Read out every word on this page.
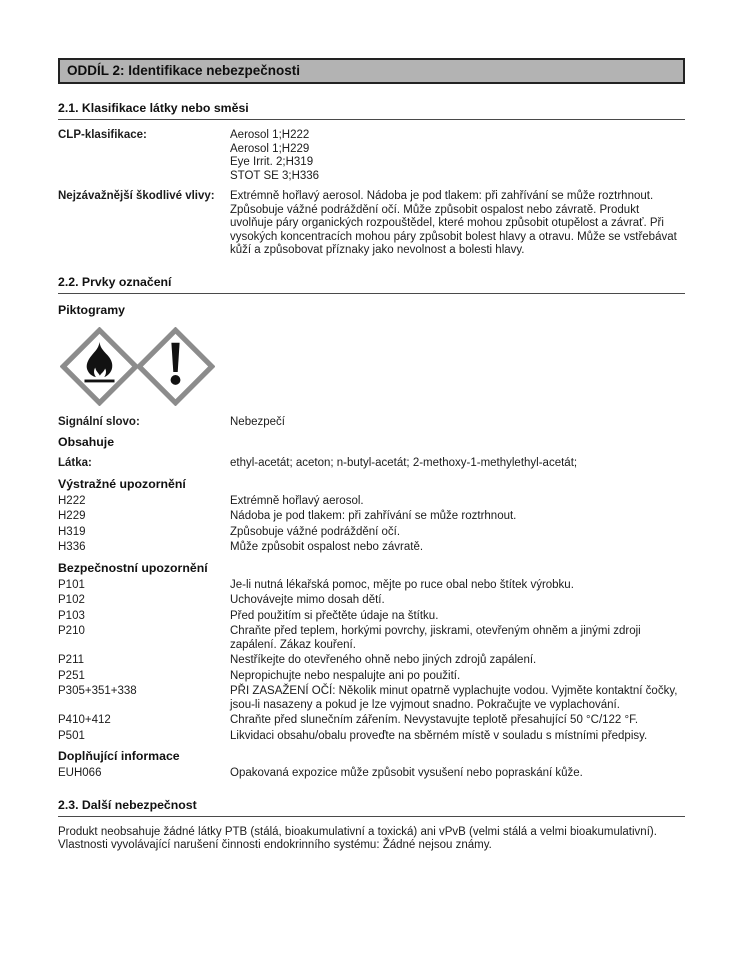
ODDÍL 2: Identifikace nebezpečnosti
2.1. Klasifikace látky nebo směsi
CLP-klasifikace:	Aerosol 1;H222
Aerosol 1;H229
Eye Irrit. 2;H319
STOT SE 3;H336
Nejzávažnější škodlivé vlivy:	Extrémně hořlavý aerosol. Nádoba je pod tlakem: při zahřívání se může roztrhnout. Způsobuje vážné podráždění očí. Může způsobit ospalost nebo závratě. Produkt uvolňuje páry organických rozpouštědel, které mohou způsobit otupělost a závrať. Při vysokých koncentracích mohou páry způsobit bolest hlavy a otravu. Může se vstřebávat kůží a způsobovat příznaky jako nevolnost a bolesti hlavy.
2.2. Prvky označení
Piktogramy
Signální slovo:	Nebezpečí
Obsahuje
Látka:	ethyl-acetát; aceton; n-butyl-acetát; 2-methoxy-1-methylethyl-acetát;
Výstražné upozornění
H222	Extrémně hořlavý aerosol.
H229	Nádoba je pod tlakem: při zahřívání se může roztrhnout.
H319	Způsobuje vážné podráždění očí.
H336	Může způsobit ospalost nebo závratě.
Bezpečnostní upozornění
P101	Je-li nutná lékařská pomoc, mějte po ruce obal nebo štítek výrobku.
P102	Uchovávejte mimo dosah dětí.
P103	Před použitím si přečtěte údaje na štítku.
P210	Chraňte před teplem, horkými povrchy, jiskrami, otevřeným ohněm a jinými zdroji zapálení. Zákaz kouření.
P211	Nestříkejte do otevřeného ohně nebo jiných zdrojů zapálení.
P251	Nepropichujte nebo nespalujte ani po použití.
P305+351+338	PŘI ZASAŽENÍ OČÍ: Několik minut opatrně vyplachujte vodou. Vyjměte kontaktní čočky, jsou-li nasazeny a pokud je lze vyjmout snadno. Pokračujte ve vyplachování.
P410+412	Chraňte před slunečním zářením. Nevystavujte teplotě přesahující 50 °C/122 °F.
P501	Likvidaci obsahu/obalu proveďte na sběrném místě v souladu s místními předpisy.
Doplňující informace
EUH066	Opakovaná expozice může způsobit vysušení nebo popraskání kůže.
2.3. Další nebezpečnost
Produkt neobsahuje žádné látky PTB (stálá, bioakumulativní a toxická) ani vPvB (velmi stálá a velmi bioakumulativní).
Vlastnosti vyvolávající narušení činnosti endokrinního systému: Žádné nejsou známy.
